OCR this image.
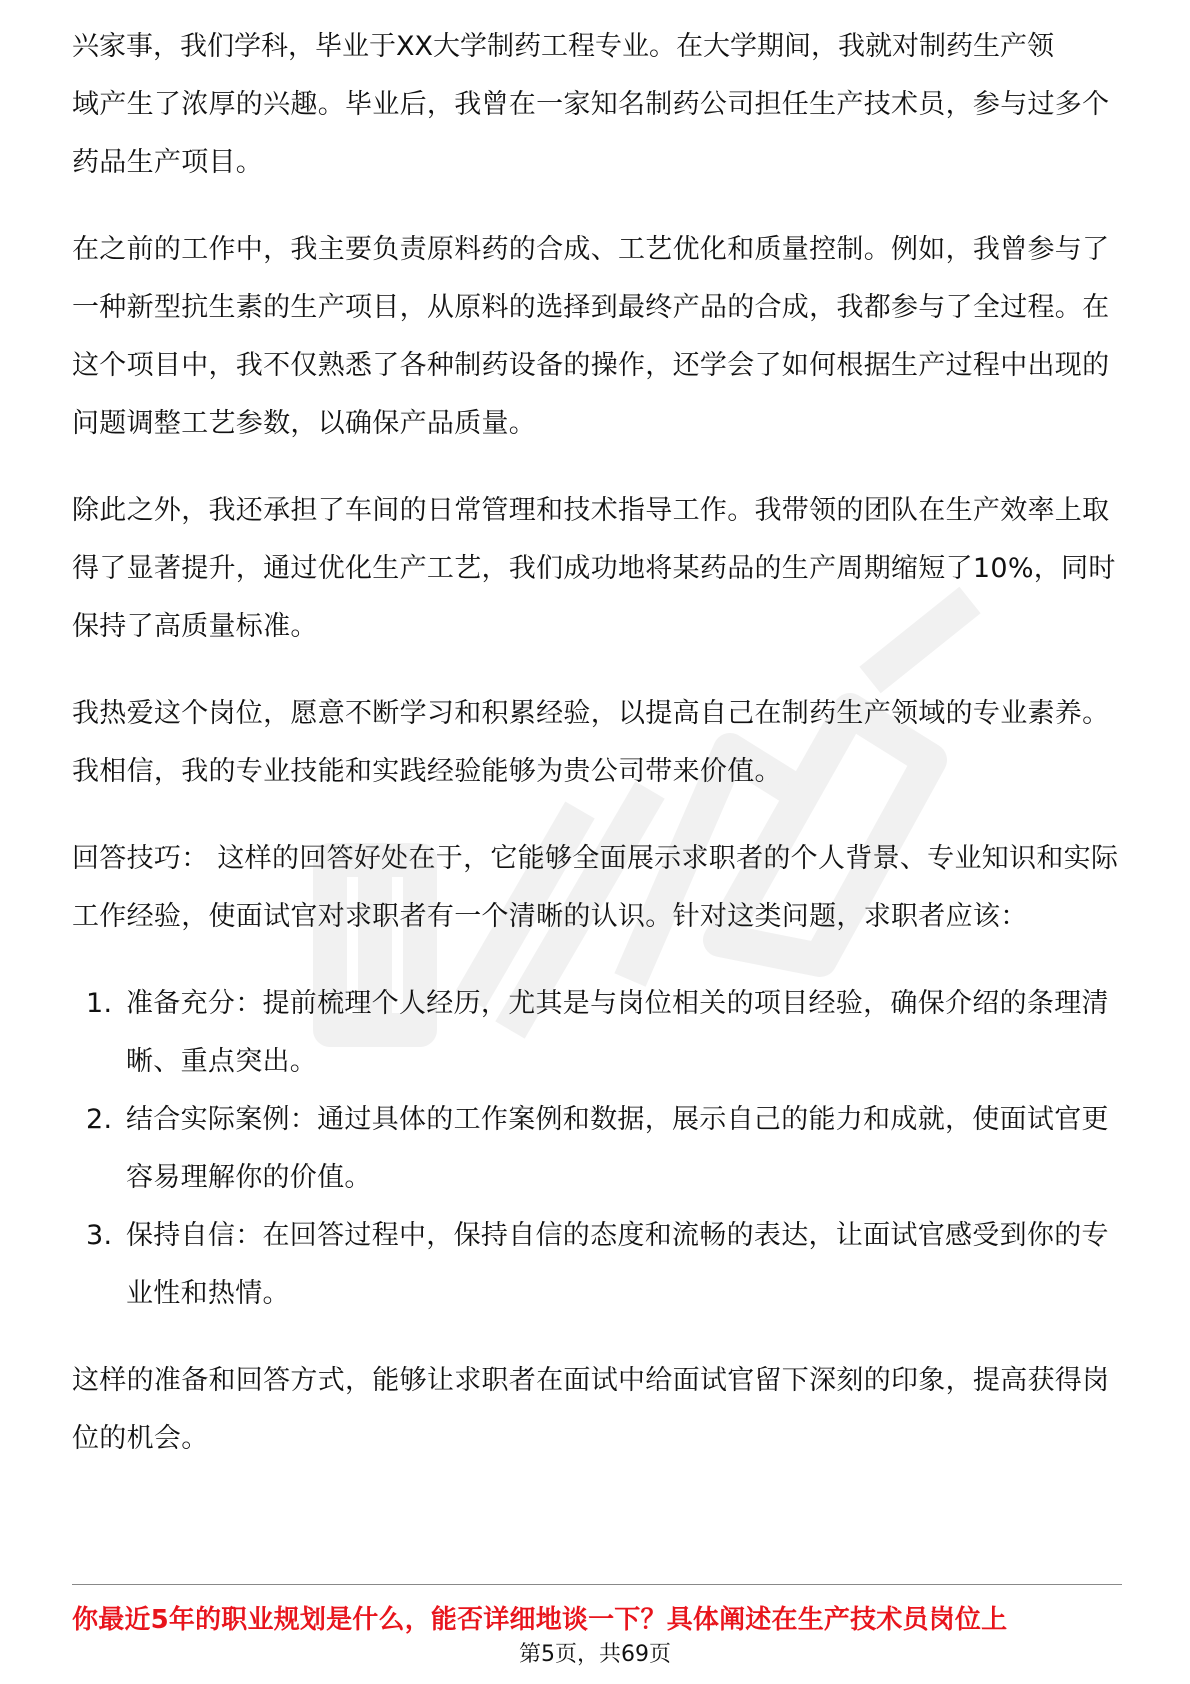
兴家事，我们学科，毕业于XX大学制药工程专业。在大学期间，我就对制药生产领

域产生了浓厚的兴趣。毕业后，我曾在一家知名制药公司担任生产技术员，参与过多个药品生产项目。

在之前的工作中，我主要负责原料药的合成、工艺优化和质量控制。例如，我曾参与了一种新型抗生素的生产项目，从原料的选择到最终产品的合成，我都参与了全过程。在这个项目中，我不仅熟悉了各种制药设备的操作，还学会了如何根据生产过程中出现的问题调整工艺参数，以确保产品质量。

除此之外，我还承担了车间的日常管理和技术指导工作。我带领的团队在生产效率上取得了显著提升，通过优化生产工艺，我们成功地将某药品的生产周期缩短了10%，同时保持了高质量标准。

我热爱这个岗位，愿意不断学习和积累经验，以提高自己在制药生产领域的专业素养。我相信，我的专业技能和实践经验能够为贵公司带来价值。

回答技巧： 这样的回答好处在于，它能够全面展示求职者的个人背景、专业知识和实际工作经验，使面试官对求职者有一个清晰的认识。针对这类问题，求职者应该：

1. 准备充分：提前梳理个人经历，尤其是与岗位相关的项目经验，确保介绍的条理清晰、重点突出。
2. 结合实际案例：通过具体的工作案例和数据，展示自己的能力和成就，使面试官更容易理解你的价值。
3. 保持自信：在回答过程中，保持自信的态度和流畅的表达，让面试官感受到你的专业性和热情。

这样的准备和回答方式，能够让求职者在面试中给面试官留下深刻的印象，提高获得岗位的机会。

你最近5年的职业规划是什么，能否详细地谈一下？具体阐述在生产技术员岗位上
第5页，共69页
